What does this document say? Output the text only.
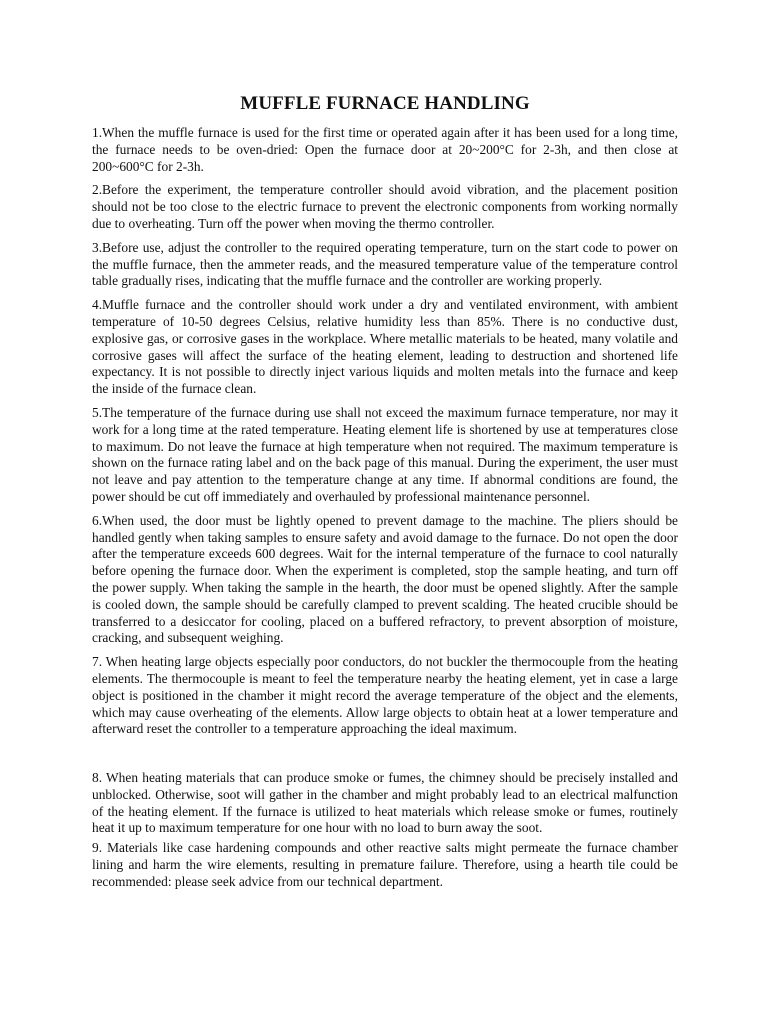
MUFFLE FURNACE HANDLING

1.When the muffle furnace is used for the first time or operated again after it has been used for a long time, the furnace needs to be oven-dried: Open the furnace door at 20~200°C for 2-3h, and then close at 200~600°C for 2-3h.

2.Before the experiment, the temperature controller should avoid vibration, and the placement position should not be too close to the electric furnace to prevent the electronic components from working normally due to overheating. Turn off the power when moving the thermo controller.

3.Before use, adjust the controller to the required operating temperature, turn on the start code to power on the muffle furnace, then the ammeter reads, and the measured temperature value of the temperature control table gradually rises, indicating that the muffle furnace and the controller are working properly.

4.Muffle furnace and the controller should work under a dry and ventilated environment, with ambient temperature of 10-50 degrees Celsius, relative humidity less than 85%. There is no conductive dust, explosive gas, or corrosive gases in the workplace. Where metallic materials to be heated, many volatile and corrosive gases will affect the surface of the heating element, leading to destruction and shortened life expectancy. It is not possible to directly inject various liquids and molten metals into the furnace and keep the inside of the furnace clean.

5.The temperature of the furnace during use shall not exceed the maximum furnace temperature, nor may it work for a long time at the rated temperature. Heating element life is shortened by use at temperatures close to maximum. Do not leave the furnace at high temperature when not required. The maximum temperature is shown on the furnace rating label and on the back page of this manual. During the experiment, the user must not leave and pay attention to the temperature change at any time. If abnormal conditions are found, the power should be cut off immediately and overhauled by professional maintenance personnel.

6.When used, the door must be lightly opened to prevent damage to the machine. The pliers should be handled gently when taking samples to ensure safety and avoid damage to the furnace. Do not open the door after the temperature exceeds 600 degrees. Wait for the internal temperature of the furnace to cool naturally before opening the furnace door. When the experiment is completed, stop the sample heating, and turn off the power supply. When taking the sample in the hearth, the door must be opened slightly. After the sample is cooled down, the sample should be carefully clamped to prevent scalding. The heated crucible should be transferred to a desiccator for cooling, placed on a buffered refractory, to prevent absorption of moisture, cracking, and subsequent weighing.

7. When heating large objects especially poor conductors, do not buckler the thermocouple from the heating elements. The thermocouple is meant to feel the temperature nearby the heating element, yet in case a large object is positioned in the chamber it might record the average temperature of the object and the elements, which may cause overheating of the elements. Allow large objects to obtain heat at a lower temperature and afterward reset the controller to a temperature approaching the ideal maximum.

8. When heating materials that can produce smoke or fumes, the chimney should be precisely installed and unblocked. Otherwise, soot will gather in the chamber and might probably lead to an electrical malfunction of the heating element. If the furnace is utilized to heat materials which release smoke or fumes, routinely heat it up to maximum temperature for one hour with no load to burn away the soot.

9. Materials like case hardening compounds and other reactive salts might permeate the furnace chamber lining and harm the wire elements, resulting in premature failure. Therefore, using a hearth tile could be recommended: please seek advice from our technical department.
